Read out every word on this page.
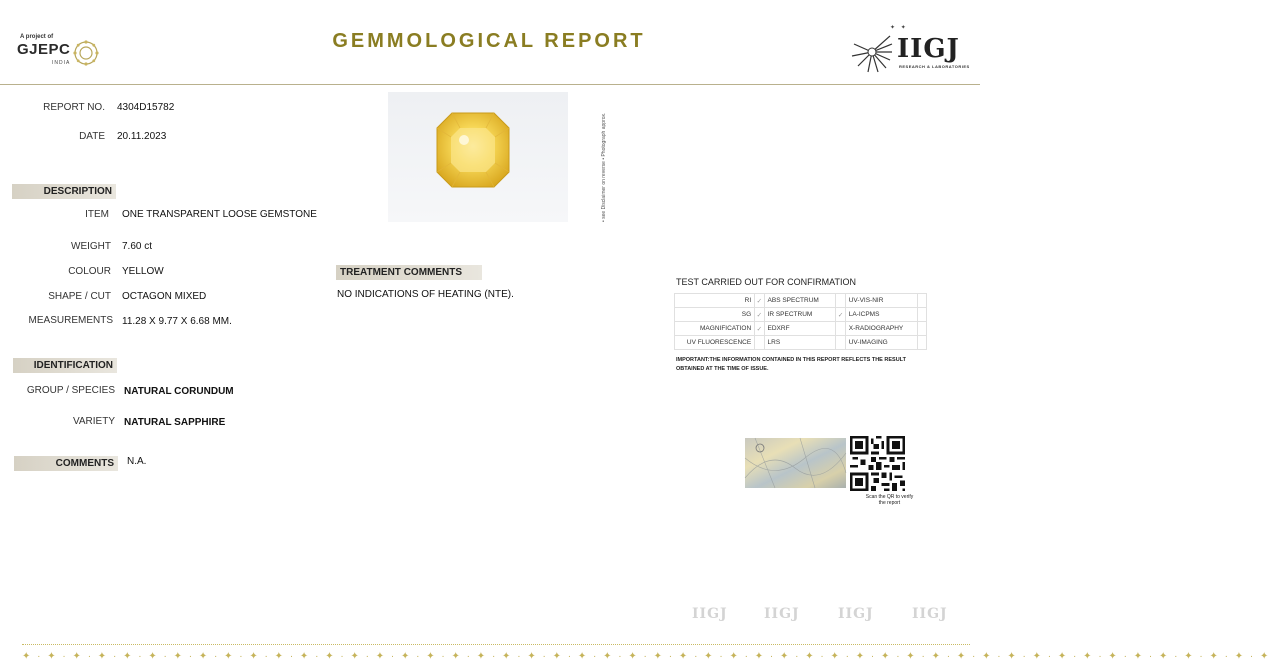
A project of
GJEPC
INDIA
GEMMOLOGICAL REPORT
✦ ✦
IIGJ
RESEARCH & LABORATORIES
REPORT NO. 4304D15782
DATE 20.11.2023
DESCRIPTION
ITEM ONE TRANSPARENT LOOSE GEMSTONE
WEIGHT 7.60 ct
COLOUR YELLOW
SHAPE / CUT OCTAGON MIXED
MEASUREMENTS 11.28 X 9.77 X 6.68 MM.
IDENTIFICATION
GROUP / SPECIES NATURAL CORUNDUM
VARIETY NATURAL SAPPHIRE
COMMENTS	N.A.
• see Disclaimer on reverse • Photograph approx.
TREATMENT COMMENTS
NO INDICATIONS OF HEATING (NTE).
TEST CARRIED OUT FOR CONFIRMATION
RI	✓	ABS SPECTRUM		UV-VIS-NIR	
SG	✓	IR SPECTRUM	✓	LA-ICPMS	
MAGNIFICATION	✓	EDXRF		X-RADIOGRAPHY	
UV FLUORESCENCE		LRS		UV-IMAGING	
IMPORTANT:THE INFORMATION CONTAINED IN THIS REPORT REFLECTS THE RESULT OBTAINED AT THE TIME OF ISSUE.
Scan the QR to verify the report
IIGJ	IIGJ	IIGJ	IIGJ
✦ · ✦ · ✦ · ✦ · ✦ · ✦ · ✦ · ✦ · ✦ · ✦ · ✦ · ✦ · ✦ · ✦ · ✦ · ✦ · ✦ · ✦ · ✦ · ✦ · ✦ · ✦ · ✦ · ✦ · ✦ · ✦ · ✦ · ✦ · ✦ · ✦ · ✦ · ✦ · ✦ · ✦ · ✦ · ✦ · ✦ · ✦ · ✦ · ✦ · ✦ · ✦ · ✦ · ✦ · ✦ · ✦ · ✦ · ✦ · ✦ · ✦
